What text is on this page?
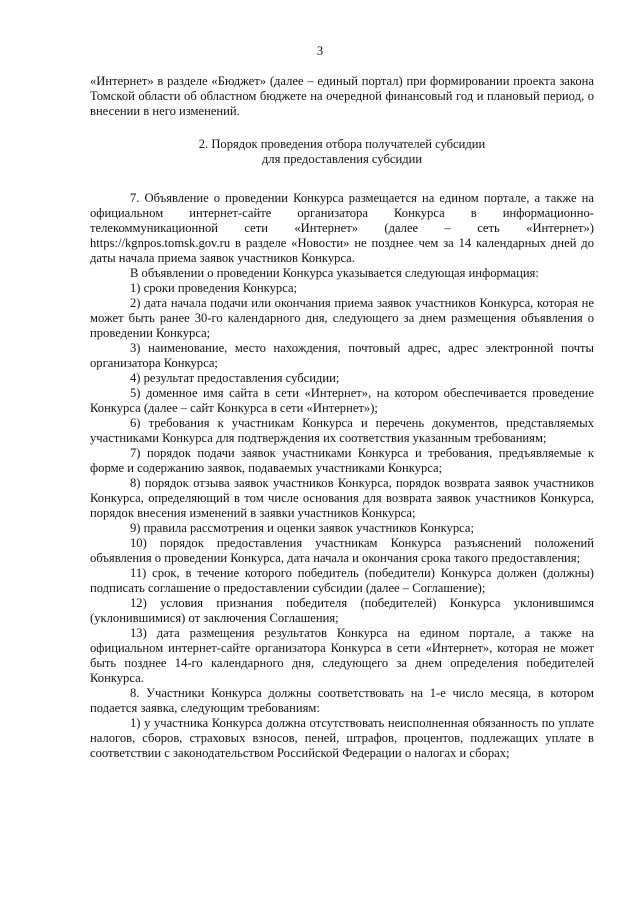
3

«Интернет» в разделе «Бюджет» (далее – единый портал) при формировании проекта закона Томской области об областном бюджете на очередной финансовый год и плановый период, о внесении в него изменений.

2. Порядок проведения отбора получателей субсидии
для предоставления субсидии

7. Объявление о проведении Конкурса размещается на едином портале, а также на официальном интернет-сайте организатора Конкурса в информационно-телекоммуникационной сети «Интернет» (далее – сеть «Интернет») https://kgnpos.tomsk.gov.ru в разделе «Новости» не позднее чем за 14 календарных дней до даты начала приема заявок участников Конкурса.

В объявлении о проведении Конкурса указывается следующая информация:

1) сроки проведения Конкурса;

2) дата начала подачи или окончания приема заявок участников Конкурса, которая не может быть ранее 30-го календарного дня, следующего за днем размещения объявления о проведении Конкурса;

3) наименование, место нахождения, почтовый адрес, адрес электронной почты организатора Конкурса;

4) результат предоставления субсидии;

5) доменное имя сайта в сети «Интернет», на котором обеспечивается проведение Конкурса (далее – сайт Конкурса в сети «Интернет»);

6) требования к участникам Конкурса и перечень документов, представляемых участниками Конкурса для подтверждения их соответствия указанным требованиям;

7) порядок подачи заявок участниками Конкурса и требования, предъявляемые к форме и содержанию заявок, подаваемых участниками Конкурса;

8) порядок отзыва заявок участников Конкурса, порядок возврата заявок участников Конкурса, определяющий в том числе основания для возврата заявок участников Конкурса, порядок внесения изменений в заявки участников Конкурса;

9) правила рассмотрения и оценки заявок участников Конкурса;

10) порядок предоставления участникам Конкурса разъяснений положений объявления о проведении Конкурса, дата начала и окончания срока такого предоставления;

11) срок, в течение которого победитель (победители) Конкурса должен (должны) подписать соглашение о предоставлении субсидии (далее – Соглашение);

12) условия признания победителя (победителей) Конкурса уклонившимся (уклонившимися) от заключения Соглашения;

13) дата размещения результатов Конкурса на едином портале, а также на официальном интернет-сайте организатора Конкурса в сети «Интернет», которая не может быть позднее 14-го календарного дня, следующего за днем определения победителей Конкурса.

8. Участники Конкурса должны соответствовать на 1-е число месяца, в котором подается заявка, следующим требованиям:

1) у участника Конкурса должна отсутствовать неисполненная обязанность по уплате налогов, сборов, страховых взносов, пеней, штрафов, процентов, подлежащих уплате в соответствии с законодательством Российской Федерации о налогах и сборах;
